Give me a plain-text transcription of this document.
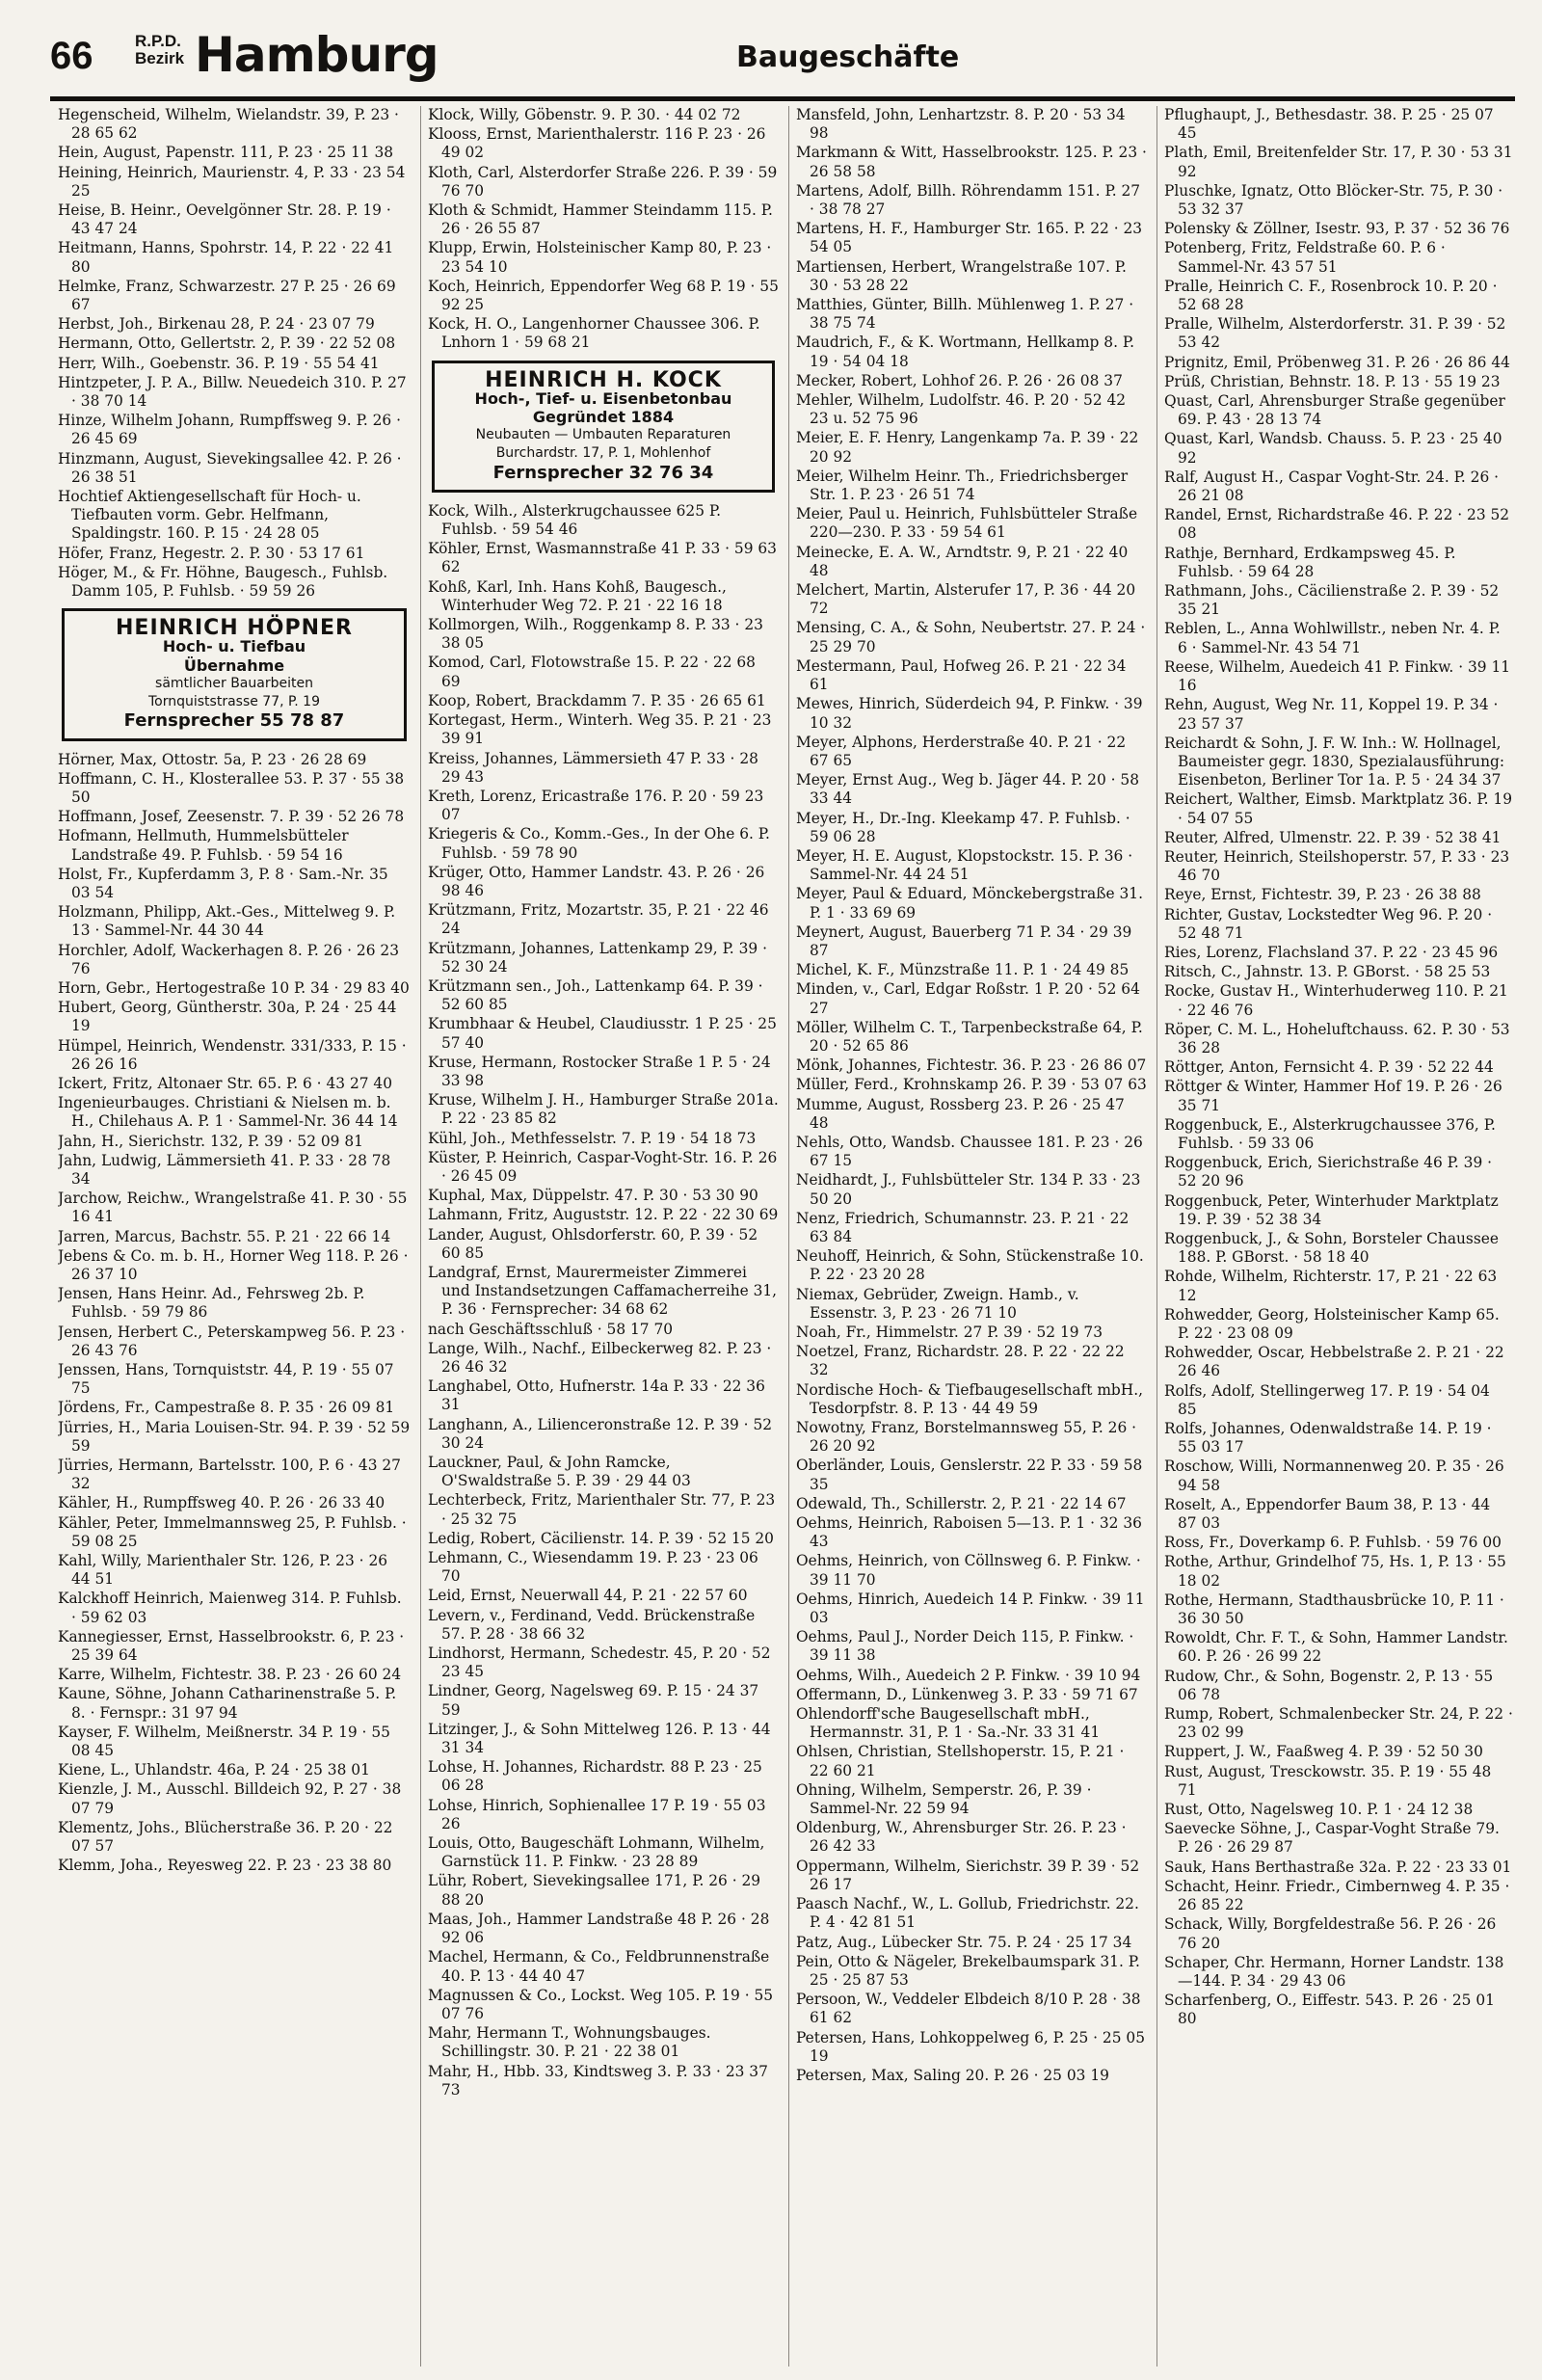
66	R.P.D.
Bezirk Hamburg	Baugeschäfte
Hegenscheid, Wilhelm, Wielandstr. 39, P. 23 · 28 65 62
Hein, August, Papenstr. 111, P. 23 · 25 11 38
Heining, Heinrich, Maurienstr. 4, P. 33 · 23 54 25
Heise, B. Heinr., Oevelgönner Str. 28. P. 19 · 43 47 24
Heitmann, Hanns, Spohrstr. 14, P. 22 · 22 41 80
Helmke, Franz, Schwarzestr. 27 P. 25 · 26 69 67
Herbst, Joh., Birkenau 28, P. 24 · 23 07 79
Hermann, Otto, Gellertstr. 2, P. 39 · 22 52 08
Herr, Wilh., Goebenstr. 36. P. 19 · 55 54 41
Hintzpeter, J. P. A., Billw. Neuedeich 310. P. 27 · 38 70 14
Hinze, Wilhelm Johann, Rumpffsweg 9. P. 26 · 26 45 69
Hinzmann, August, Sievekingsallee 42. P. 26 · 26 38 51
Hochtief Aktiengesellschaft für Hoch- u. Tiefbauten vorm. Gebr. Helfmann, Spaldingstr. 160. P. 15 · 24 28 05
Höfer, Franz, Hegestr. 2. P. 30 · 53 17 61
Höger, M., & Fr. Höhne, Baugesch., Fuhlsb. Damm 105, P. Fuhlsb. · 59 59 26
HEINRICH HÖPNER
Hoch- u. Tiefbau
Übernahme
sämtlicher Bauarbeiten
Tornquiststrasse 77, P. 19
Fernsprecher 55 78 87
Hörner, Max, Ottostr. 5a, P. 23 · 26 28 69
Hoffmann, C. H., Klosterallee 53. P. 37 · 55 38 50
Hoffmann, Josef, Zeesenstr. 7. P. 39 · 52 26 78
Hofmann, Hellmuth, Hummelsbütteler Landstraße 49. P. Fuhlsb. · 59 54 16
Holst, Fr., Kupferdamm 3, P. 8 · Sam.-Nr. 35 03 54
Holzmann, Philipp, Akt.-Ges., Mittelweg 9. P. 13 · Sammel-Nr. 44 30 44
Horchler, Adolf, Wackerhagen 8. P. 26 · 26 23 76
Horn, Gebr., Hertogestraße 10 P. 34 · 29 83 40
Hubert, Georg, Güntherstr. 30a, P. 24 · 25 44 19
Hümpel, Heinrich, Wendenstr. 331/333, P. 15 · 26 26 16
Ickert, Fritz, Altonaer Str. 65. P. 6 · 43 27 40
Ingenieurbauges. Christiani & Nielsen m. b. H., Chilehaus A. P. 1 · Sammel-Nr. 36 44 14
Jahn, H., Sierichstr. 132, P. 39 · 52 09 81
Jahn, Ludwig, Lämmersieth 41. P. 33 · 28 78 34
Jarchow, Reichw., Wrangelstraße 41. P. 30 · 55 16 41
Jarren, Marcus, Bachstr. 55. P. 21 · 22 66 14
Jebens & Co. m. b. H., Horner Weg 118. P. 26 · 26 37 10
Jensen, Hans Heinr. Ad., Fehrsweg 2b. P. Fuhlsb. · 59 79 86
Jensen, Herbert C., Peterskampweg 56. P. 23 · 26 43 76
Jenssen, Hans, Tornquiststr. 44, P. 19 · 55 07 75
Jördens, Fr., Campestraße 8. P. 35 · 26 09 81
Jürries, H., Maria Louisen-Str. 94. P. 39 · 52 59 59
Jürries, Hermann, Bartelsstr. 100, P. 6 · 43 27 32
Kähler, H., Rumpffsweg 40. P. 26 · 26 33 40
Kähler, Peter, Immelmannsweg 25, P. Fuhlsb. · 59 08 25
Kahl, Willy, Marienthaler Str. 126, P. 23 · 26 44 51
Kalckhoff Heinrich, Maienweg 314. P. Fuhlsb. · 59 62 03
Kannegiesser, Ernst, Hasselbrookstr. 6, P. 23 · 25 39 64
Karre, Wilhelm, Fichtestr. 38. P. 23 · 26 60 24
Kaune, Söhne, Johann Catharinenstraße 5. P. 8. · Fernspr.: 31 97 94
Kayser, F. Wilhelm, Meißnerstr. 34 P. 19 · 55 08 45
Kiene, L., Uhlandstr. 46a, P. 24 · 25 38 01
Kienzle, J. M., Ausschl. Billdeich 92, P. 27 · 38 07 79
Klementz, Johs., Blücherstraße 36. P. 20 · 22 07 57
Klemm, Joha., Reyesweg 22. P. 23 · 23 38 80
Klock, Willy, Göbenstr. 9. P. 30. · 44 02 72
Klooss, Ernst, Marienthalerstr. 116 P. 23 · 26 49 02
Kloth, Carl, Alsterdorfer Straße 226. P. 39 · 59 76 70
Kloth & Schmidt, Hammer Steindamm 115. P. 26 · 26 55 87
Klupp, Erwin, Holsteinischer Kamp 80, P. 23 · 23 54 10
Koch, Heinrich, Eppendorfer Weg 68 P. 19 · 55 92 25
Kock, H. O., Langenhorner Chaussee 306. P. Lnhorn 1 · 59 68 21
HEINRICH H. KOCK
Hoch-, Tief- u. Eisenbetonbau
Gegründet 1884
Neubauten — Umbauten Reparaturen
Burchardstr. 17, P. 1, Mohlenhof
Fernsprecher 32 76 34
Kock, Wilh., Alsterkrugchaussee 625 P. Fuhlsb. · 59 54 46
Köhler, Ernst, Wasmannstraße 41 P. 33 · 59 63 62
Kohß, Karl, Inh. Hans Kohß, Baugesch., Winterhuder Weg 72. P. 21 · 22 16 18
Kollmorgen, Wilh., Roggenkamp 8. P. 33 · 23 38 05
Komod, Carl, Flotowstraße 15. P. 22 · 22 68 69
Koop, Robert, Brackdamm 7. P. 35 · 26 65 61
Kortegast, Herm., Winterh. Weg 35. P. 21 · 23 39 91
Kreiss, Johannes, Lämmersieth 47 P. 33 · 28 29 43
Kreth, Lorenz, Ericastraße 176. P. 20 · 59 23 07
Kriegeris & Co., Komm.-Ges., In der Ohe 6. P. Fuhlsb. · 59 78 90
Krüger, Otto, Hammer Landstr. 43. P. 26 · 26 98 46
Krützmann, Fritz, Mozartstr. 35, P. 21 · 22 46 24
Krützmann, Johannes, Lattenkamp 29, P. 39 · 52 30 24
Krützmann sen., Joh., Lattenkamp 64. P. 39 · 52 60 85
Krumbhaar & Heubel, Claudiusstr. 1 P. 25 · 25 57 40
Kruse, Hermann, Rostocker Straße 1 P. 5 · 24 33 98
Kruse, Wilhelm J. H., Hamburger Straße 201a. P. 22 · 23 85 82
Kühl, Joh., Methfesselstr. 7. P. 19 · 54 18 73
Küster, P. Heinrich, Caspar-Voght-Str. 16. P. 26 · 26 45 09
Kuphal, Max, Düppelstr. 47. P. 30 · 53 30 90
Lahmann, Fritz, Auguststr. 12. P. 22 · 22 30 69
Lander, August, Ohlsdorferstr. 60, P. 39 · 52 60 85
Landgraf, Ernst, Maurermeister Zimmerei und Instandsetzungen Caffamacherreihe 31, P. 36 · Fernsprecher: 34 68 62
nach Geschäftsschluß · 58 17 70
Lange, Wilh., Nachf., Eilbeckerweg 82. P. 23 · 26 46 32
Langhabel, Otto, Hufnerstr. 14a P. 33 · 22 36 31
Langhann, A., Lilienceronstraße 12. P. 39 · 52 30 24
Lauckner, Paul, & John Ramcke, O'Swaldstraße 5. P. 39 · 29 44 03
Lechterbeck, Fritz, Marienthaler Str. 77, P. 23 · 25 32 75
Ledig, Robert, Cäcilienstr. 14. P. 39 · 52 15 20
Lehmann, C., Wiesendamm 19. P. 23 · 23 06 70
Leid, Ernst, Neuerwall 44, P. 21 · 22 57 60
Levern, v., Ferdinand, Vedd. Brückenstraße 57. P. 28 · 38 66 32
Lindhorst, Hermann, Schedestr. 45, P. 20 · 52 23 45
Lindner, Georg, Nagelsweg 69. P. 15 · 24 37 59
Litzinger, J., & Sohn Mittelweg 126. P. 13 · 44 31 34
Lohse, H. Johannes, Richardstr. 88 P. 23 · 25 06 28
Lohse, Hinrich, Sophienallee 17 P. 19 · 55 03 26
Louis, Otto, Baugeschäft Lohmann, Wilhelm, Garnstück 11. P. Finkw. · 23 28 89
Lühr, Robert, Sievekingsallee 171, P. 26 · 29 88 20
Maas, Joh., Hammer Landstraße 48 P. 26 · 28 92 06
Machel, Hermann, & Co., Feldbrunnenstraße 40. P. 13 · 44 40 47
Magnussen & Co., Lockst. Weg 105. P. 19 · 55 07 76
Mahr, Hermann T., Wohnungsbauges. Schillingstr. 30. P. 21 · 22 38 01
Mahr, H., Hbb. 33, Kindtsweg 3. P. 33 · 23 37 73
Mansfeld, John, Lenhartzstr. 8. P. 20 · 53 34 98
Markmann & Witt, Hasselbrookstr. 125. P. 23 · 26 58 58
Martens, Adolf, Billh. Röhrendamm 151. P. 27 · 38 78 27
Martens, H. F., Hamburger Str. 165. P. 22 · 23 54 05
Martiensen, Herbert, Wrangelstraße 107. P. 30 · 53 28 22
Matthies, Günter, Billh. Mühlenweg 1. P. 27 · 38 75 74
Maudrich, F., & K. Wortmann, Hellkamp 8. P. 19 · 54 04 18
Mecker, Robert, Lohhof 26. P. 26 · 26 08 37
Mehler, Wilhelm, Ludolfstr. 46. P. 20 · 52 42 23 u. 52 75 96
Meier, E. F. Henry, Langenkamp 7a. P. 39 · 22 20 92
Meier, Wilhelm Heinr. Th., Friedrichsberger Str. 1. P. 23 · 26 51 74
Meier, Paul u. Heinrich, Fuhlsbütteler Straße 220—230. P. 33 · 59 54 61
Meinecke, E. A. W., Arndtstr. 9, P. 21 · 22 40 48
Melchert, Martin, Alsterufer 17, P. 36 · 44 20 72
Mensing, C. A., & Sohn, Neubertstr. 27. P. 24 · 25 29 70
Mestermann, Paul, Hofweg 26. P. 21 · 22 34 61
Mewes, Hinrich, Süderdeich 94, P. Finkw. · 39 10 32
Meyer, Alphons, Herderstraße 40. P. 21 · 22 67 65
Meyer, Ernst Aug., Weg b. Jäger 44. P. 20 · 58 33 44
Meyer, H., Dr.-Ing. Kleekamp 47. P. Fuhlsb. · 59 06 28
Meyer, H. E. August, Klopstockstr. 15. P. 36 · Sammel-Nr. 44 24 51
Meyer, Paul & Eduard, Mönckebergstraße 31. P. 1 · 33 69 69
Meynert, August, Bauerberg 71 P. 34 · 29 39 87
Michel, K. F., Münzstraße 11. P. 1 · 24 49 85
Minden, v., Carl, Edgar Roßstr. 1 P. 20 · 52 64 27
Möller, Wilhelm C. T., Tarpenbeckstraße 64, P. 20 · 52 65 86
Mönk, Johannes, Fichtestr. 36. P. 23 · 26 86 07
Müller, Ferd., Krohnskamp 26. P. 39 · 53 07 63
Mumme, August, Rossberg 23. P. 26 · 25 47 48
Nehls, Otto, Wandsb. Chaussee 181. P. 23 · 26 67 15
Neidhardt, J., Fuhlsbütteler Str. 134 P. 33 · 23 50 20
Nenz, Friedrich, Schumannstr. 23. P. 21 · 22 63 84
Neuhoff, Heinrich, & Sohn, Stückenstraße 10. P. 22 · 23 20 28
Niemax, Gebrüder, Zweign. Hamb., v. Essenstr. 3, P. 23 · 26 71 10
Noah, Fr., Himmelstr. 27 P. 39 · 52 19 73
Noetzel, Franz, Richardstr. 28. P. 22 · 22 22 32
Nordische Hoch- & Tiefbaugesellschaft mbH., Tesdorpfstr. 8. P. 13 · 44 49 59
Nowotny, Franz, Borstelmannsweg 55, P. 26 · 26 20 92
Oberländer, Louis, Genslerstr. 22 P. 33 · 59 58 35
Odewald, Th., Schillerstr. 2, P. 21 · 22 14 67
Oehms, Heinrich, Raboisen 5—13. P. 1 · 32 36 43
Oehms, Heinrich, von Cöllnsweg 6. P. Finkw. · 39 11 70
Oehms, Hinrich, Auedeich 14 P. Finkw. · 39 11 03
Oehms, Paul J., Norder Deich 115, P. Finkw. · 39 11 38
Oehms, Wilh., Auedeich 2 P. Finkw. · 39 10 94
Offermann, D., Lünkenweg 3. P. 33 · 59 71 67
Ohlendorff'sche Baugesellschaft mbH., Hermannstr. 31, P. 1 · Sa.-Nr. 33 31 41
Ohlsen, Christian, Stellshoperstr. 15, P. 21 · 22 60 21
Ohning, Wilhelm, Semperstr. 26, P. 39 · Sammel-Nr. 22 59 94
Oldenburg, W., Ahrensburger Str. 26. P. 23 · 26 42 33
Oppermann, Wilhelm, Sierichstr. 39 P. 39 · 52 26 17
Paasch Nachf., W., L. Gollub, Friedrichstr. 22. P. 4 · 42 81 51
Patz, Aug., Lübecker Str. 75. P. 24 · 25 17 34
Pein, Otto & Nägeler, Brekelbaumspark 31. P. 25 · 25 87 53
Persoon, W., Veddeler Elbdeich 8/10 P. 28 · 38 61 62
Petersen, Hans, Lohkoppelweg 6, P. 25 · 25 05 19
Petersen, Max, Saling 20. P. 26 · 25 03 19
Pflughaupt, J., Bethesdastr. 38. P. 25 · 25 07 45
Plath, Emil, Breitenfelder Str. 17, P. 30 · 53 31 92
Pluschke, Ignatz, Otto Blöcker-Str. 75, P. 30 · 53 32 37
Polensky & Zöllner, Isestr. 93, P. 37 · 52 36 76
Potenberg, Fritz, Feldstraße 60. P. 6 · Sammel-Nr. 43 57 51
Pralle, Heinrich C. F., Rosenbrock 10. P. 20 · 52 68 28
Pralle, Wilhelm, Alsterdorferstr. 31. P. 39 · 52 53 42
Prignitz, Emil, Pröbenweg 31. P. 26 · 26 86 44
Prüß, Christian, Behnstr. 18. P. 13 · 55 19 23
Quast, Carl, Ahrensburger Straße gegenüber 69. P. 43 · 28 13 74
Quast, Karl, Wandsb. Chauss. 5. P. 23 · 25 40 92
Ralf, August H., Caspar Voght-Str. 24. P. 26 · 26 21 08
Randel, Ernst, Richardstraße 46. P. 22 · 23 52 08
Rathje, Bernhard, Erdkampsweg 45. P. Fuhlsb. · 59 64 28
Rathmann, Johs., Cäcilienstraße 2. P. 39 · 52 35 21
Reblen, L., Anna Wohlwillstr., neben Nr. 4. P. 6 · Sammel-Nr. 43 54 71
Reese, Wilhelm, Auedeich 41 P. Finkw. · 39 11 16
Rehn, August, Weg Nr. 11, Koppel 19. P. 34 · 23 57 37
Reichardt & Sohn, J. F. W. Inh.: W. Hollnagel, Baumeister gegr. 1830, Spezialausführung: Eisenbeton, Berliner Tor 1a. P. 5 · 24 34 37
Reichert, Walther, Eimsb. Marktplatz 36. P. 19 · 54 07 55
Reuter, Alfred, Ulmenstr. 22. P. 39 · 52 38 41
Reuter, Heinrich, Steilshoperstr. 57, P. 33 · 23 46 70
Reye, Ernst, Fichtestr. 39, P. 23 · 26 38 88
Richter, Gustav, Lockstedter Weg 96. P. 20 · 52 48 71
Ries, Lorenz, Flachsland 37. P. 22 · 23 45 96
Ritsch, C., Jahnstr. 13. P. GBorst. · 58 25 53
Rocke, Gustav H., Winterhuderweg 110. P. 21 · 22 46 76
Röper, C. M. L., Hoheluftchauss. 62. P. 30 · 53 36 28
Röttger, Anton, Fernsicht 4. P. 39 · 52 22 44
Röttger & Winter, Hammer Hof 19. P. 26 · 26 35 71
Roggenbuck, E., Alsterkrugchaussee 376, P. Fuhlsb. · 59 33 06
Roggenbuck, Erich, Sierichstraße 46 P. 39 · 52 20 96
Roggenbuck, Peter, Winterhuder Marktplatz 19. P. 39 · 52 38 34
Roggenbuck, J., & Sohn, Borsteler Chaussee 188. P. GBorst. · 58 18 40
Rohde, Wilhelm, Richterstr. 17, P. 21 · 22 63 12
Rohwedder, Georg, Holsteinischer Kamp 65. P. 22 · 23 08 09
Rohwedder, Oscar, Hebbelstraße 2. P. 21 · 22 26 46
Rolfs, Adolf, Stellingerweg 17. P. 19 · 54 04 85
Rolfs, Johannes, Odenwaldstraße 14. P. 19 · 55 03 17
Roschow, Willi, Normannenweg 20. P. 35 · 26 94 58
Roselt, A., Eppendorfer Baum 38, P. 13 · 44 87 03
Ross, Fr., Doverkamp 6. P. Fuhlsb. · 59 76 00
Rothe, Arthur, Grindelhof 75, Hs. 1, P. 13 · 55 18 02
Rothe, Hermann, Stadthausbrücke 10, P. 11 · 36 30 50
Rowoldt, Chr. F. T., & Sohn, Hammer Landstr. 60. P. 26 · 26 99 22
Rudow, Chr., & Sohn, Bogenstr. 2, P. 13 · 55 06 78
Rump, Robert, Schmalenbecker Str. 24, P. 22 · 23 02 99
Ruppert, J. W., Faaßweg 4. P. 39 · 52 50 30
Rust, August, Tresckowstr. 35. P. 19 · 55 48 71
Rust, Otto, Nagelsweg 10. P. 1 · 24 12 38
Saevecke Söhne, J., Caspar-Voght Straße 79. P. 26 · 26 29 87
Sauk, Hans Berthastraße 32a. P. 22 · 23 33 01
Schacht, Heinr. Friedr., Cimbernweg 4. P. 35 · 26 85 22
Schack, Willy, Borgfeldestraße 56. P. 26 · 26 76 20
Schaper, Chr. Hermann, Horner Landstr. 138—144. P. 34 · 29 43 06
Scharfenberg, O., Eiffestr. 543. P. 26 · 25 01 80
